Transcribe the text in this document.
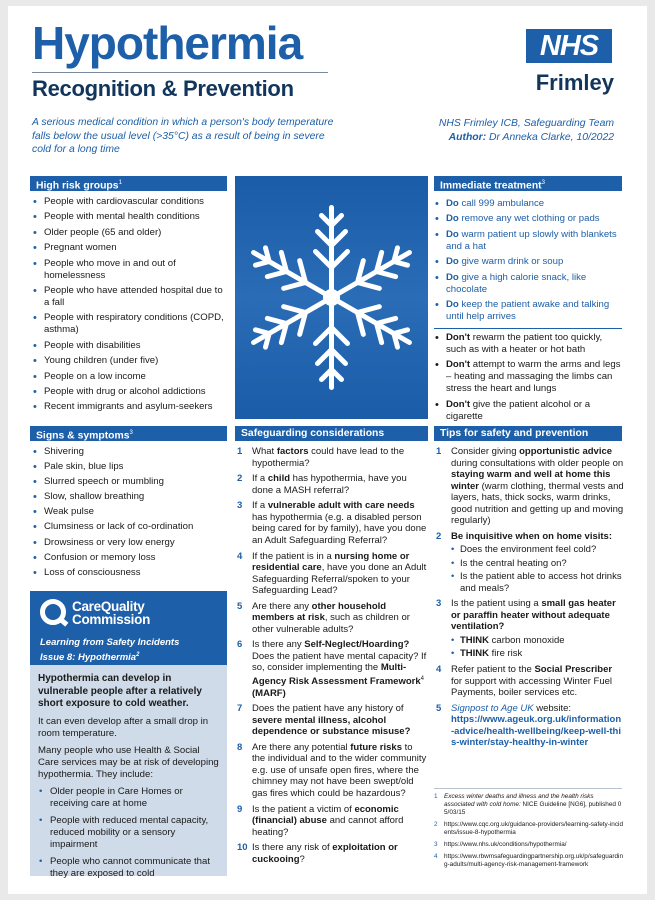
Hypothermia
Recognition & Prevention
NHS
Frimley
A serious medical condition in which a person's body temperature falls below the usual level (>35°C) as a result of being in severe cold for a long time
NHS Frimley ICB, Safeguarding Team
Author: Dr Anneka Clarke, 10/2022
High risk groups$^1$
• People with cardiovascular conditions
• People with mental health conditions
• Older people (65 and older)
• Pregnant women
• People who move in and out of homelessness
• People who have attended hospital due to a fall
• People with respiratory conditions (COPD, asthma)
• People with disabilities
• Young children (under five)
• People on a low income
• People with drug or alcohol addictions
• Recent immigrants and asylum-seekers
Immediate treatment$^3$
• Do call 999 ambulance
• Do remove any wet clothing or pads
• Do warm patient up slowly with blankets and a hat
• Do give warm drink or soup
• Do give a high calorie snack, like chocolate
• Do keep the patient awake and talking until help arrives
• Don't rewarm the patient too quickly, such as with a heater or hot bath
• Don't attempt to warm the arms and legs – heating and massaging the limbs can stress the heart and lungs
• Don't give the patient alcohol or a cigarette
Signs & symptoms$^3$
• Shivering
• Pale skin, blue lips
• Slurred speech or mumbling
• Slow, shallow breathing
• Weak pulse
• Clumsiness or lack of co-ordination
• Drowsiness or very low energy
• Confusion or memory loss
• Loss of consciousness
CareQuality
Commission
Learning from Safety Incidents
Issue 8: Hypothermia$^2$
Hypothermia can develop in vulnerable people after a relatively short exposure to cold weather.

It can even develop after a small drop in room temperature.

Many people who use Health & Social Care services may be at risk of developing hypothermia. They include:

• Older people in Care Homes or receiving care at home
• People with reduced mental capacity, reduced mobility or a sensory impairment
• People who cannot communicate that they are exposed to cold
Safeguarding considerations
1 What factors could have lead to the hypothermia?
2 If a child has hypothermia, have you done a MASH referral?
3 If a vulnerable adult with care needs has hypothermia (e.g. a disabled person being cared for by family), have you done an Adult Safeguarding Referral?
4 If the patient is in a nursing home or residential care, have you done an Adult Safeguarding Referral/spoken to your Safeguarding Lead?
5 Are there any other household members at risk, such as children or other vulnerable adults?
6 Is there any Self-Neglect/Hoarding? Does the patient have mental capacity? If so, consider implementing the Multi-Agency Risk Assessment Framework$^4$ (MARF)
7 Does the patient have any history of severe mental illness, alcohol dependence or substance misuse?
8 Are there any potential future risks to the individual and to the wider community e.g. use of unsafe open fires, where the chimney may not have been swept/old gas fires which could be hazardous?
9 Is the patient a victim of economic (financial) abuse and cannot afford heating?
10 Is there any risk of exploitation or cuckooing?
Tips for safety and prevention
1 Consider giving opportunistic advice during consultations with older people on staying warm and well at home this winter (warm clothing, thermal vests and layers, hats, thick socks, warm drinks, good nutrition and getting up and moving regularly)
2 Be inquisitive when on home visits:
• Does the environment feel cold?
• Is the central heating on?
• Is the patient able to access hot drinks and meals?
3 Is the patient using a small gas heater or paraffin heater without adequate ventilation?
• THINK carbon monoxide
• THINK fire risk
4 Refer patient to the Social Prescriber for support with accessing Winter Fuel Payments, boiler services etc.
5 Signpost to Age UK website:
https://www.ageuk.org.uk/information-advice/health-wellbeing/keep-well-this-winter/stay-healthy-in-winter
1 Excess winter deaths and illness and the health risks associated with cold home: NICE Guideline [NG6], published 05/03/15
2 https://www.cqc.org.uk/guidance-providers/learning-safety-incidents/issue-8-hypothermia
3 https://www.nhs.uk/conditions/hypothermia/
4 https://www.rbwmsafeguardingpartnership.org.uk/p/safeguarding-adults/multi-agency-risk-management-framework
